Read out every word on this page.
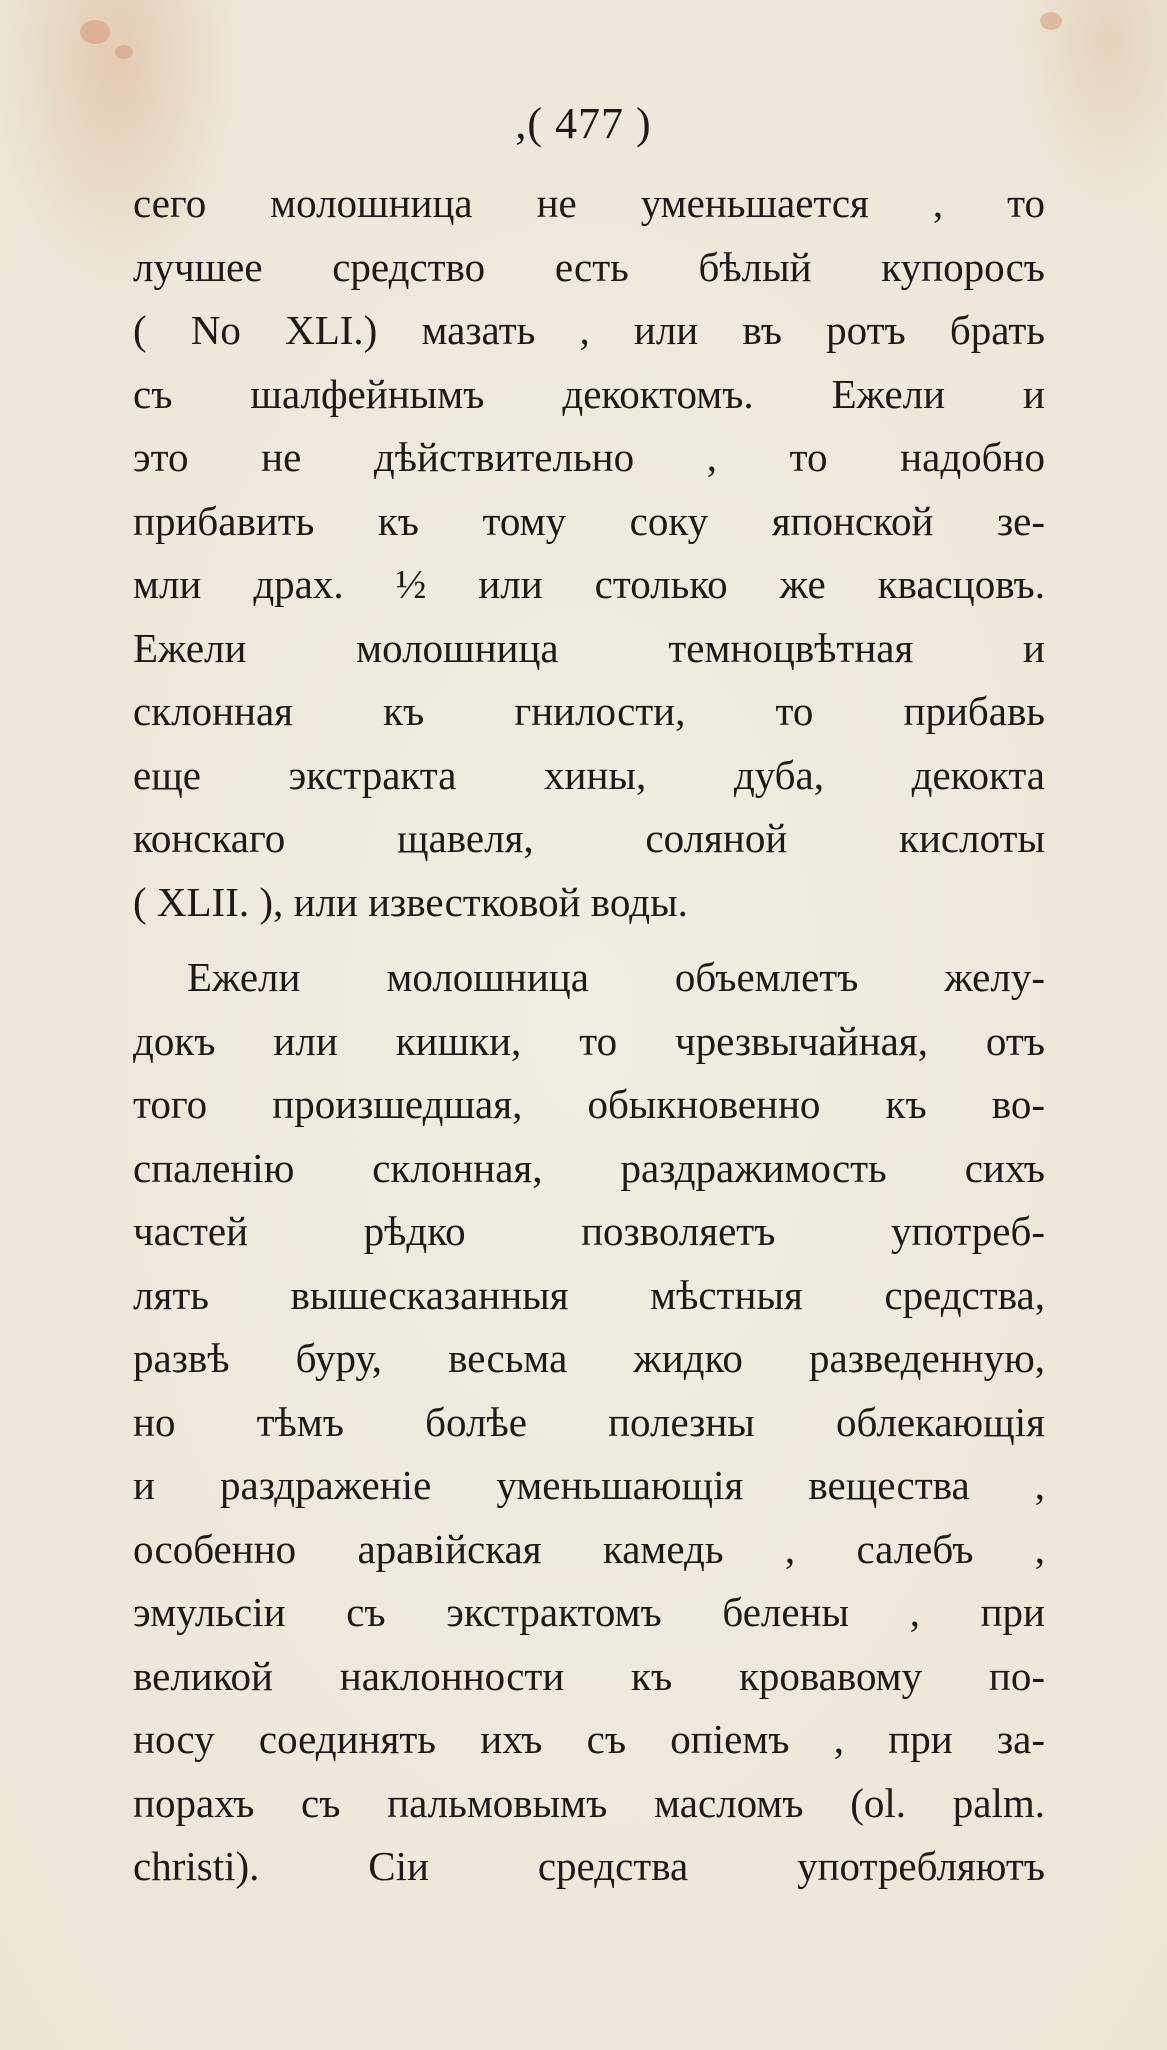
,( 477 )
сего молошница не уменьшаeтся , то
лучшее средство есть бѣлый купоросъ
( No XLI.) мазать , или въ ротъ брать
съ шалфейнымъ декоктомъ. Ежели и
это не дѣйствительно , то надобно
прибавить къ тому соку японской зе-
мли драх. ½ или столько же квасцовъ.
Ежели молошница темноцвѣтная и
склонная къ гнилости, то прибавь
еще экстракта хины, дуба, декокта
конскаго щавеля, соляной кислоты
( XLII. ), или известковой воды.
Ежели молошница объемлетъ желу-
докъ или кишки, то чрезвычайная, отъ
того произшедшая, обыкновенно къ во-
спаленію склонная, раздражимость сихъ
частей рѣдко позволяетъ употреб-
лять вышесказанныя мѣстныя средства,
развѣ буру, весьма жидко разведенную,
но тѣмъ болѣе полезны облекающія
и раздраженіе уменьшающія вещества ,
особенно аравійская камедь , салебъ ,
эмульсіи съ экстрактомъ белены , при
великой наклонности къ кровавому по-
носу соединять ихъ съ опіемъ , при за-
порахъ съ пальмовымъ масломъ (ol. palm.
christi). Сіи средства употребляютъ
